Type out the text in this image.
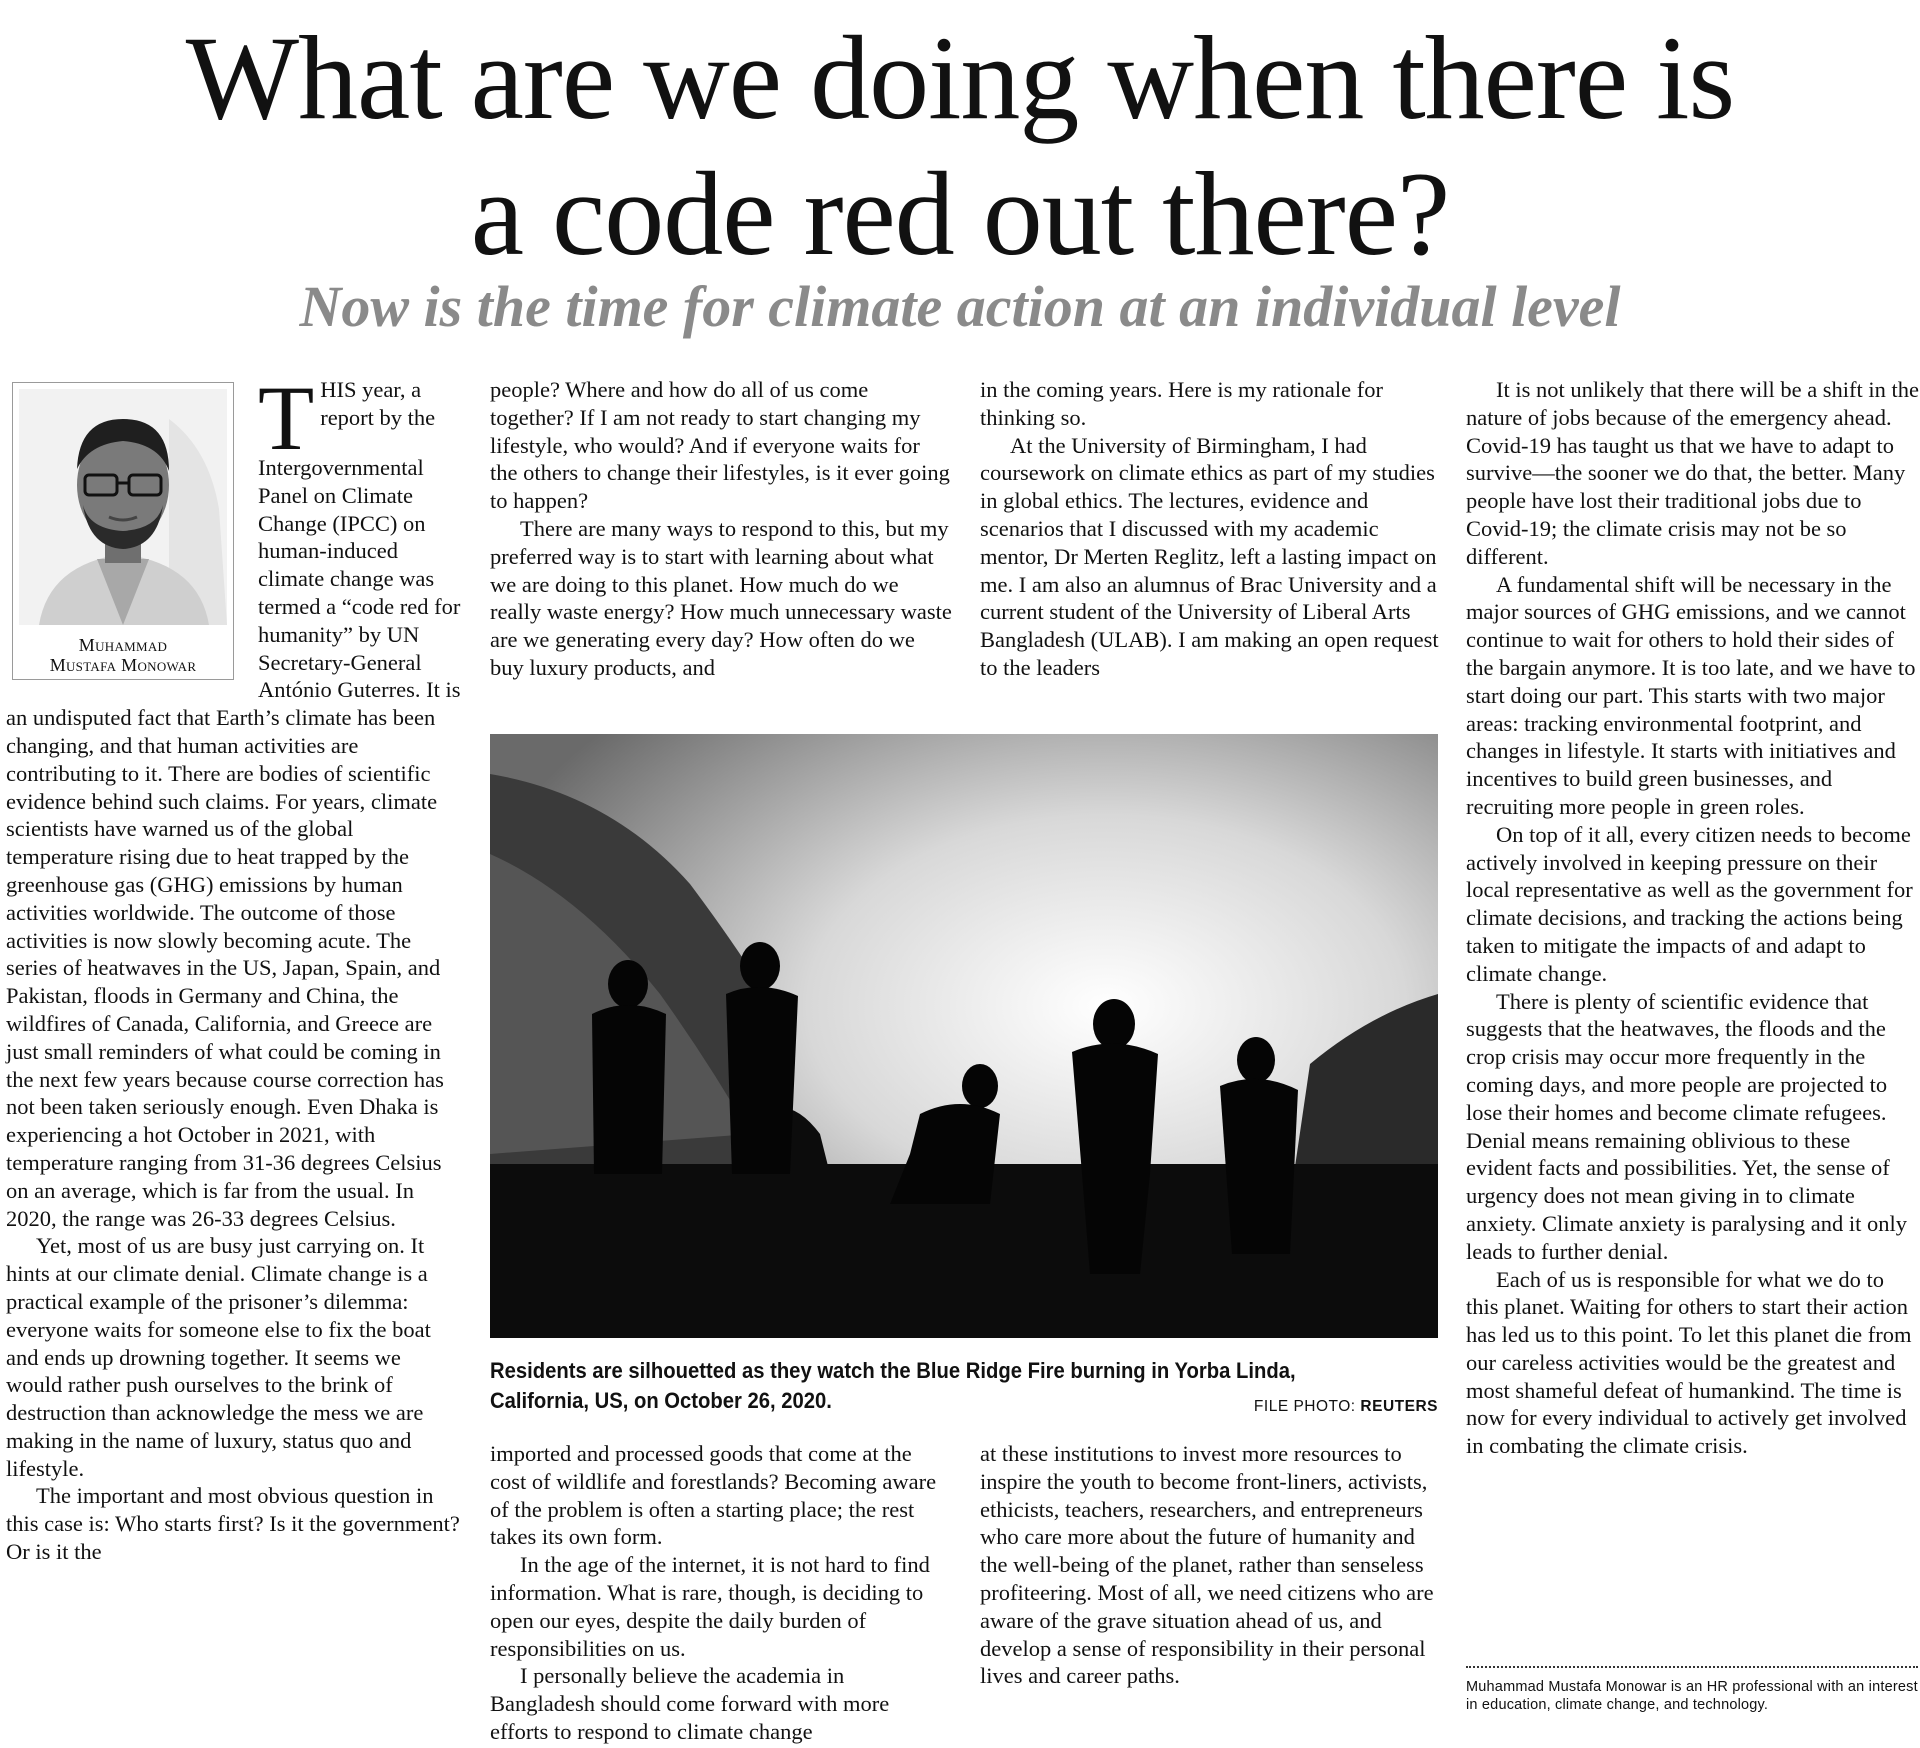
What are we doing when there is
a code red out there?
Now is the time for climate action at an individual level
Muhammad
Mustafa Monowar

THIS year, a report by the Intergovernmental Panel on Climate Change (IPCC) on human-induced climate change was termed a “code red for humanity” by UN Secretary-General António Guterres. It is an undisputed fact that Earth’s climate has been changing, and that human activities are contributing to it. There are bodies of scientific evidence behind such claims. For years, climate scientists have warned us of the global temperature rising due to heat trapped by the greenhouse gas (GHG) emissions by human activities worldwide. The outcome of those activities is now slowly becoming acute. The series of heatwaves in the US, Japan, Spain, and Pakistan, floods in Germany and China, the wildfires of Canada, California, and Greece are just small reminders of what could be coming in the next few years because course correction has not been taken seriously enough. Even Dhaka is experiencing a hot October in 2021, with temperature ranging from 31-36 degrees Celsius on an average, which is far from the usual. In 2020, the range was 26-33 degrees Celsius.

Yet, most of us are busy just carrying on. It hints at our climate denial. Climate change is a practical example of the prisoner’s dilemma: everyone waits for someone else to fix the boat and ends up drowning together. It seems we would rather push ourselves to the brink of destruction than acknowledge the mess we are making in the name of luxury, status quo and lifestyle.

The important and most obvious question in this case is: Who starts first? Is it the government? Or is it the

people? Where and how do all of us come together? If I am not ready to start changing my lifestyle, who would? And if everyone waits for the others to change their lifestyles, is it ever going to happen?

There are many ways to respond to this, but my preferred way is to start with learning about what we are doing to this planet. How much do we really waste energy? How much unnecessary waste are we generating every day? How often do we buy luxury products, and

in the coming years. Here is my rationale for thinking so.

At the University of Birmingham, I had coursework on climate ethics as part of my studies in global ethics. The lectures, evidence and scenarios that I discussed with my academic mentor, Dr Merten Reglitz, left a lasting impact on me. I am also an alumnus of Brac University and a current student of the University of Liberal Arts Bangladesh (ULAB). I am making an open request to the leaders

Residents are silhouetted as they watch the Blue Ridge Fire burning in Yorba Linda, California, US, on October 26, 2020.	FILE PHOTO: REUTERS

imported and processed goods that come at the cost of wildlife and forestlands? Becoming aware of the problem is often a starting place; the rest takes its own form.

In the age of the internet, it is not hard to find information. What is rare, though, is deciding to open our eyes, despite the daily burden of responsibilities on us.

I personally believe the academia in Bangladesh should come forward with more efforts to respond to climate change

at these institutions to invest more resources to inspire the youth to become front-liners, activists, ethicists, teachers, researchers, and entrepreneurs who care more about the future of humanity and the well-being of the planet, rather than senseless profiteering. Most of all, we need citizens who are aware of the grave situation ahead of us, and develop a sense of responsibility in their personal lives and career paths.

It is not unlikely that there will be a shift in the nature of jobs because of the emergency ahead. Covid-19 has taught us that we have to adapt to survive—the sooner we do that, the better. Many people have lost their traditional jobs due to Covid-19; the climate crisis may not be so different.

A fundamental shift will be necessary in the major sources of GHG emissions, and we cannot continue to wait for others to hold their sides of the bargain anymore. It is too late, and we have to start doing our part. This starts with two major areas: tracking environmental footprint, and changes in lifestyle. It starts with initiatives and incentives to build green businesses, and recruiting more people in green roles.

On top of it all, every citizen needs to become actively involved in keeping pressure on their local representative as well as the government for climate decisions, and tracking the actions being taken to mitigate the impacts of and adapt to climate change.

There is plenty of scientific evidence that suggests that the heatwaves, the floods and the crop crisis may occur more frequently in the coming days, and more people are projected to lose their homes and become climate refugees. Denial means remaining oblivious to these evident facts and possibilities. Yet, the sense of urgency does not mean giving in to climate anxiety. Climate anxiety is paralysing and it only leads to further denial.

Each of us is responsible for what we do to this planet. Waiting for others to start their action has led us to this point. To let this planet die from our careless activities would be the greatest and most shameful defeat of humankind. The time is now for every individual to actively get involved in combating the climate crisis.

Muhammad Mustafa Monowar is an HR professional with an interest in education, climate change, and technology.
